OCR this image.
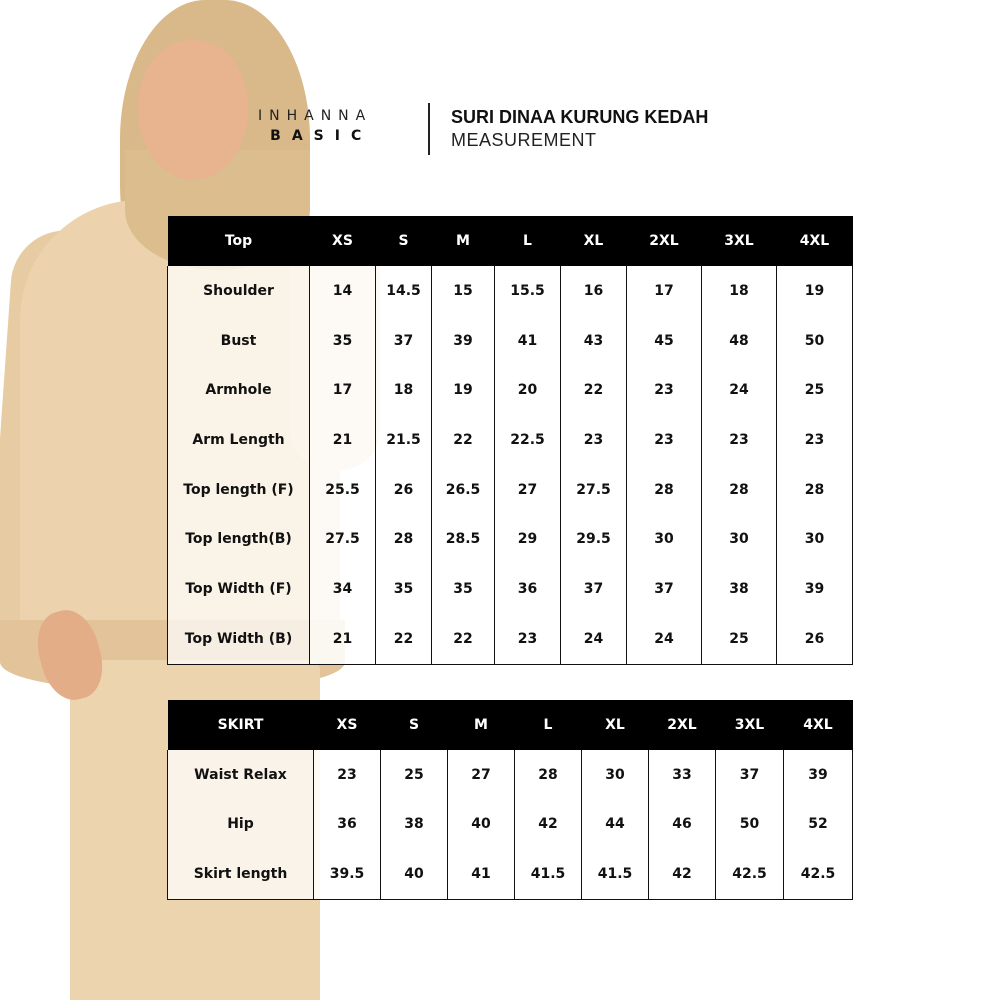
INHANNA
BASIC
SURI DINAA KURUNG KEDAH
MEASUREMENT
Top	XS	S	M	L	XL	2XL	3XL	4XL
Shoulder	14	14.5	15	15.5	16	17	18	19
Bust	35	37	39	41	43	45	48	50
Armhole	17	18	19	20	22	23	24	25
Arm Length	21	21.5	22	22.5	23	23	23	23
Top length (F)	25.5	26	26.5	27	27.5	28	28	28
Top length(B)	27.5	28	28.5	29	29.5	30	30	30
Top Width (F)	34	35	35	36	37	37	38	39
Top Width (B)	21	22	22	23	24	24	25	26
SKIRT	XS	S	M	L	XL	2XL	3XL	4XL
Waist Relax	23	25	27	28	30	33	37	39
Hip	36	38	40	42	44	46	50	52
Skirt length	39.5	40	41	41.5	41.5	42	42.5	42.5
